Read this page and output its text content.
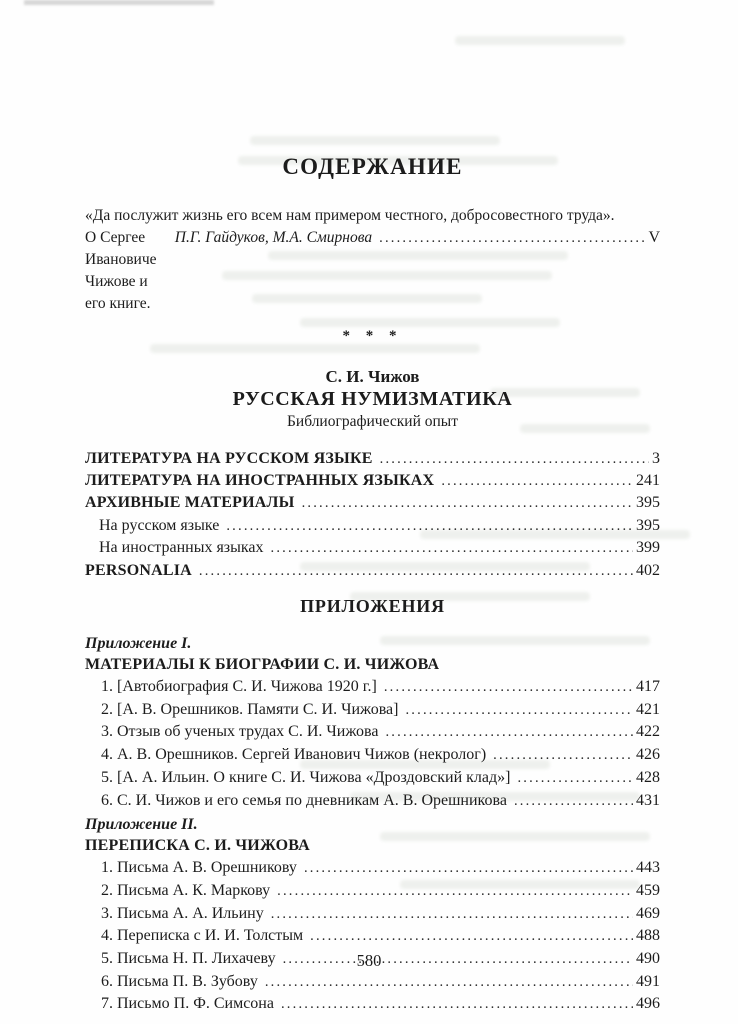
СОДЕРЖАНИЕ
«Да послужит жизнь его всем нам примером честного, добросовестного труда».
О Сергее Ивановиче Чижове и его книге.
П.Г. Гайдуков, М.А. Смирнова .....	V
* * *
С. И. Чижов
РУССКАЯ НУМИЗМАТИКА
Библиографический опыт
ЛИТЕРАТУРА НА РУССКОМ ЯЗЫКЕ .....	3
ЛИТЕРАТУРА НА ИНОСТРАННЫХ ЯЗЫКАХ .....	241
АРХИВНЫЕ МАТЕРИАЛЫ .....	395
На русском языке .....	395
На иностранных языках .....	399
PERSONALIA .....	402
ПРИЛОЖЕНИЯ
Приложение I.
МАТЕРИАЛЫ К БИОГРАФИИ С. И. ЧИЖОВА
1. [Автобиография С. И. Чижова 1920 г.] .....	417
2. [А. В. Орешников. Памяти С. И. Чижова] .....	421
3. Отзыв об ученых трудах С. И. Чижова .....	422
4. А. В. Орешников. Сергей Иванович Чижов (некролог) .....	426
5. [А. А. Ильин. О книге С. И. Чижова «Дроздовский клад»] .....	428
6. С. И. Чижов и его семья по дневникам А. В. Орешникова .....	431
Приложение II.
ПЕРЕПИСКА С. И. ЧИЖОВА
1. Письма А. В. Орешникову .....	443
2. Письма А. К. Маркову .....	459
3. Письма А. А. Ильину .....	469
4. Переписка с И. И. Толстым .....	488
5. Письма Н. П. Лихачеву .....	490
6. Письма П. В. Зубову .....	491
7. Письмо П. Ф. Симсона .....	496
580
